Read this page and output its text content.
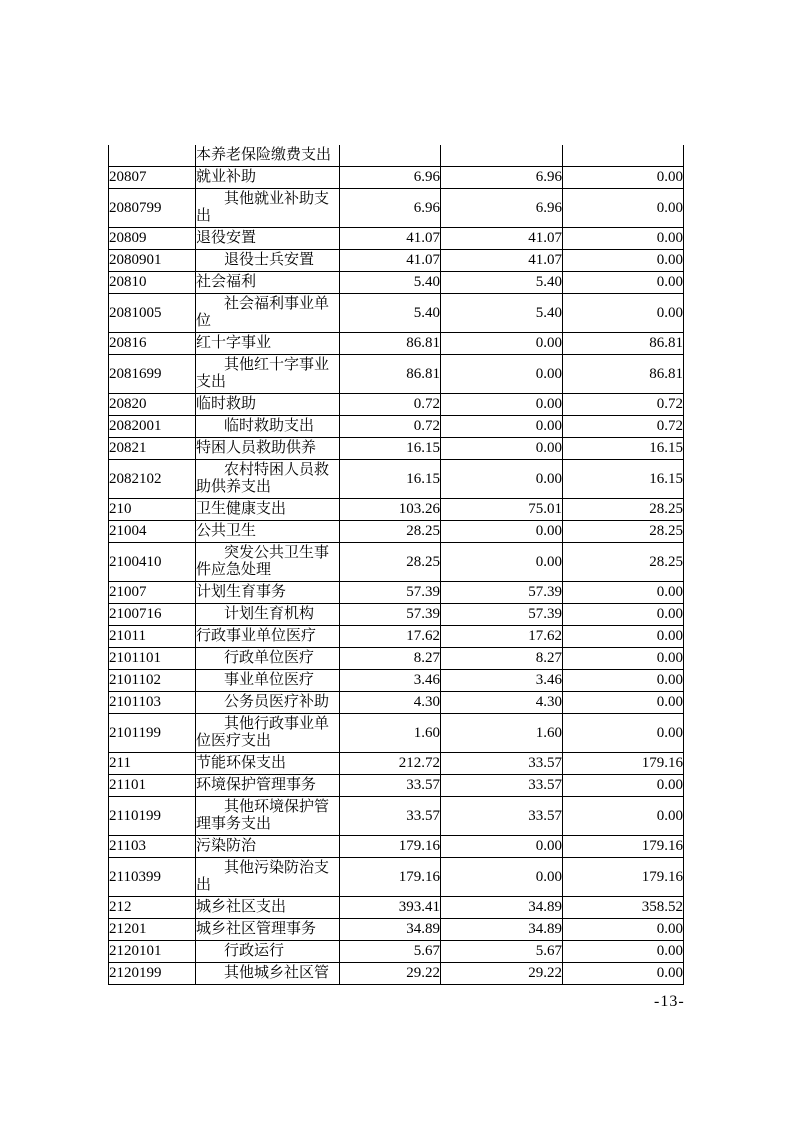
	本养老保险缴费支出			
20807	就业补助	6.96	6.96	0.00
2080799	其他就业补助支出	6.96	6.96	0.00
20809	退役安置	41.07	41.07	0.00
2080901	退役士兵安置	41.07	41.07	0.00
20810	社会福利	5.40	5.40	0.00
2081005	社会福利事业单位	5.40	5.40	0.00
20816	红十字事业	86.81	0.00	86.81
2081699	其他红十字事业支出	86.81	0.00	86.81
20820	临时救助	0.72	0.00	0.72
2082001	临时救助支出	0.72	0.00	0.72
20821	特困人员救助供养	16.15	0.00	16.15
2082102	农村特困人员救助供养支出	16.15	0.00	16.15
210	卫生健康支出	103.26	75.01	28.25
21004	公共卫生	28.25	0.00	28.25
2100410	突发公共卫生事件应急处理	28.25	0.00	28.25
21007	计划生育事务	57.39	57.39	0.00
2100716	计划生育机构	57.39	57.39	0.00
21011	行政事业单位医疗	17.62	17.62	0.00
2101101	行政单位医疗	8.27	8.27	0.00
2101102	事业单位医疗	3.46	3.46	0.00
2101103	公务员医疗补助	4.30	4.30	0.00
2101199	其他行政事业单位医疗支出	1.60	1.60	0.00
211	节能环保支出	212.72	33.57	179.16
21101	环境保护管理事务	33.57	33.57	0.00
2110199	其他环境保护管理事务支出	33.57	33.57	0.00
21103	污染防治	179.16	0.00	179.16
2110399	其他污染防治支出	179.16	0.00	179.16
212	城乡社区支出	393.41	34.89	358.52
21201	城乡社区管理事务	34.89	34.89	0.00
2120101	行政运行	5.67	5.67	0.00
2120199	其他城乡社区管	29.22	29.22	0.00
-13-
